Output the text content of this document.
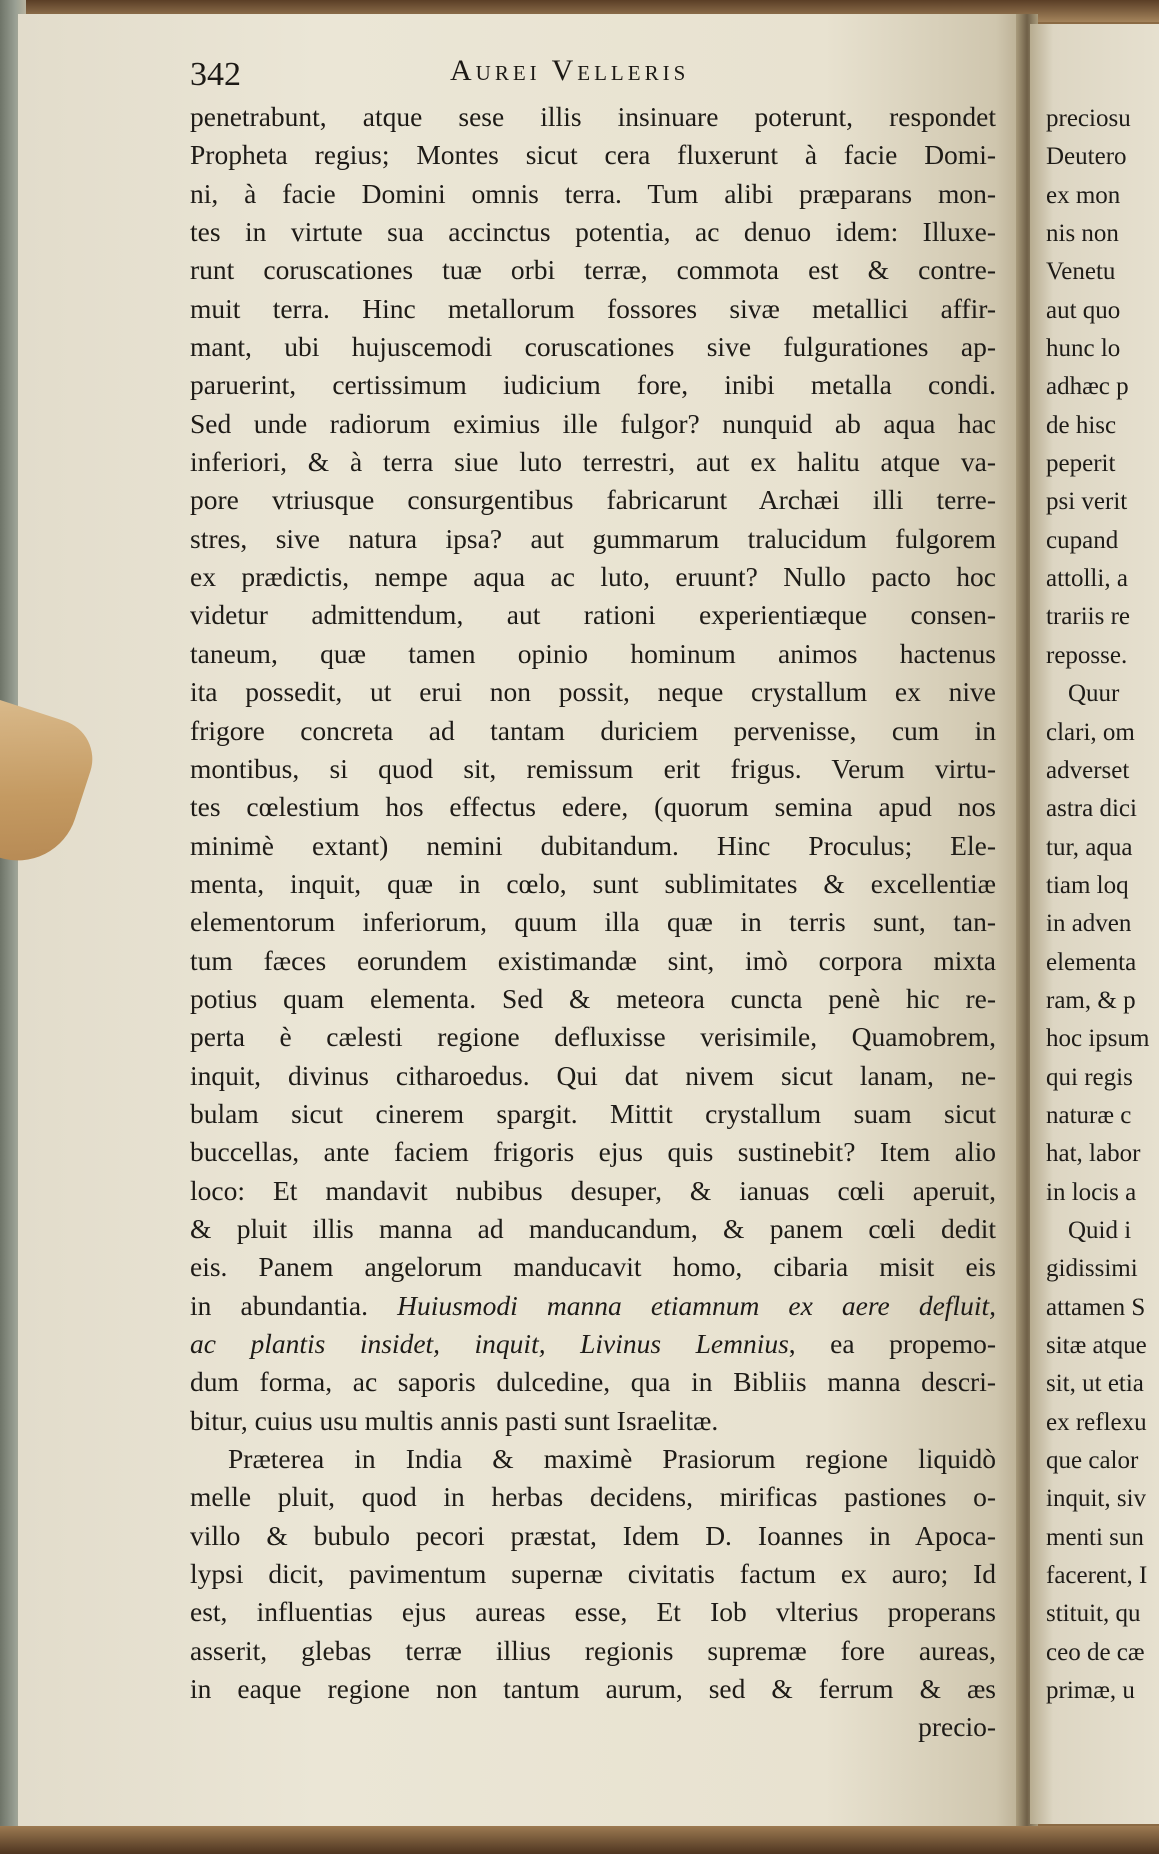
342	Aurei Velleris
penetrabunt, atque sese illis insinuare poterunt, respondet
Propheta regius; Montes sicut cera fluxerunt à facie Domi-
ni, à facie Domini omnis terra. Tum alibi præparans mon-
tes in virtute sua accinctus potentia, ac denuo idem: Illuxe-
runt coruscationes tuæ orbi terræ, commota est & contre-
muit terra. Hinc metallorum fossores sivæ metallici affir-
mant, ubi hujuscemodi coruscationes sive fulgurationes ap-
paruerint, certissimum iudicium fore, inibi metalla condi.
Sed unde radiorum eximius ille fulgor? nunquid ab aqua hac
inferiori, & à terra siue luto terrestri, aut ex halitu atque va-
pore vtriusque consurgentibus fabricarunt Archæi illi terre-
stres, sive natura ipsa? aut gummarum tralucidum fulgorem
ex prædictis, nempe aqua ac luto, eruunt? Nullo pacto hoc
videtur admittendum, aut rationi experientiæque consen-
taneum, quæ tamen opinio hominum animos hactenus
ita possedit, ut erui non possit, neque crystallum ex nive
frigore concreta ad tantam duriciem pervenisse, cum in
montibus, si quod sit, remissum erit frigus. Verum virtu-
tes cœlestium hos effectus edere, (quorum semina apud nos
minimè extant) nemini dubitandum. Hinc Proculus; Ele-
menta, inquit, quæ in cœlo, sunt sublimitates & excellentiæ
elementorum inferiorum, quum illa quæ in terris sunt, tan-
tum fæces eorundem existimandæ sint, imò corpora mixta
potius quam elementa. Sed & meteora cuncta penè hic re-
perta è cælesti regione defluxisse verisimile, Quamobrem,
inquit, divinus citharoedus. Qui dat nivem sicut lanam, ne-
bulam sicut cinerem spargit. Mittit crystallum suam sicut
buccellas, ante faciem frigoris ejus quis sustinebit? Item alio
loco: Et mandavit nubibus desuper, & ianuas cœli aperuit,
& pluit illis manna ad manducandum, & panem cœli dedit
eis. Panem angelorum manducavit homo, cibaria misit eis
in abundantia. Huiusmodi manna etiamnum ex aere defluit,
ac plantis insidet, inquit, Livinus Lemnius, ea propemo-
dum forma, ac saporis dulcedine, qua in Bibliis manna descri-
bitur, cuius usu multis annis pasti sunt Israelitæ.
Præterea in India & maximè Prasiorum regione liquidò
melle pluit, quod in herbas decidens, mirificas pastiones o-
villo & bubulo pecori præstat, Idem D. Ioannes in Apoca-
lypsi dicit, pavimentum supernæ civitatis factum ex auro; Id
est, influentias ejus aureas esse, Et Iob vlterius properans
asserit, glebas terræ illius regionis supremæ fore aureas,
in eaque regione non tantum aurum, sed & ferrum & æs
precio-
preciosu
Deutero
ex mon
nis non
Venetu
aut quo
hunc lo
adhæc p
de hisc
peperit
psi verit
cupand
attolli, a
trariis re
reposse.
Quur
clari, om
adverset
astra dici
tur, aqua
tiam loq
in adven
elementa
ram, & p
hoc ipsum
qui regis
naturæ c
hat, labor
in locis a
Quid i
gidissimi
attamen S
sitæ atque
sit, ut etia
ex reflexu
que calor
inquit, siv
menti sun
facerent, I
stituit, qu
ceo de cæ
primæ, u
